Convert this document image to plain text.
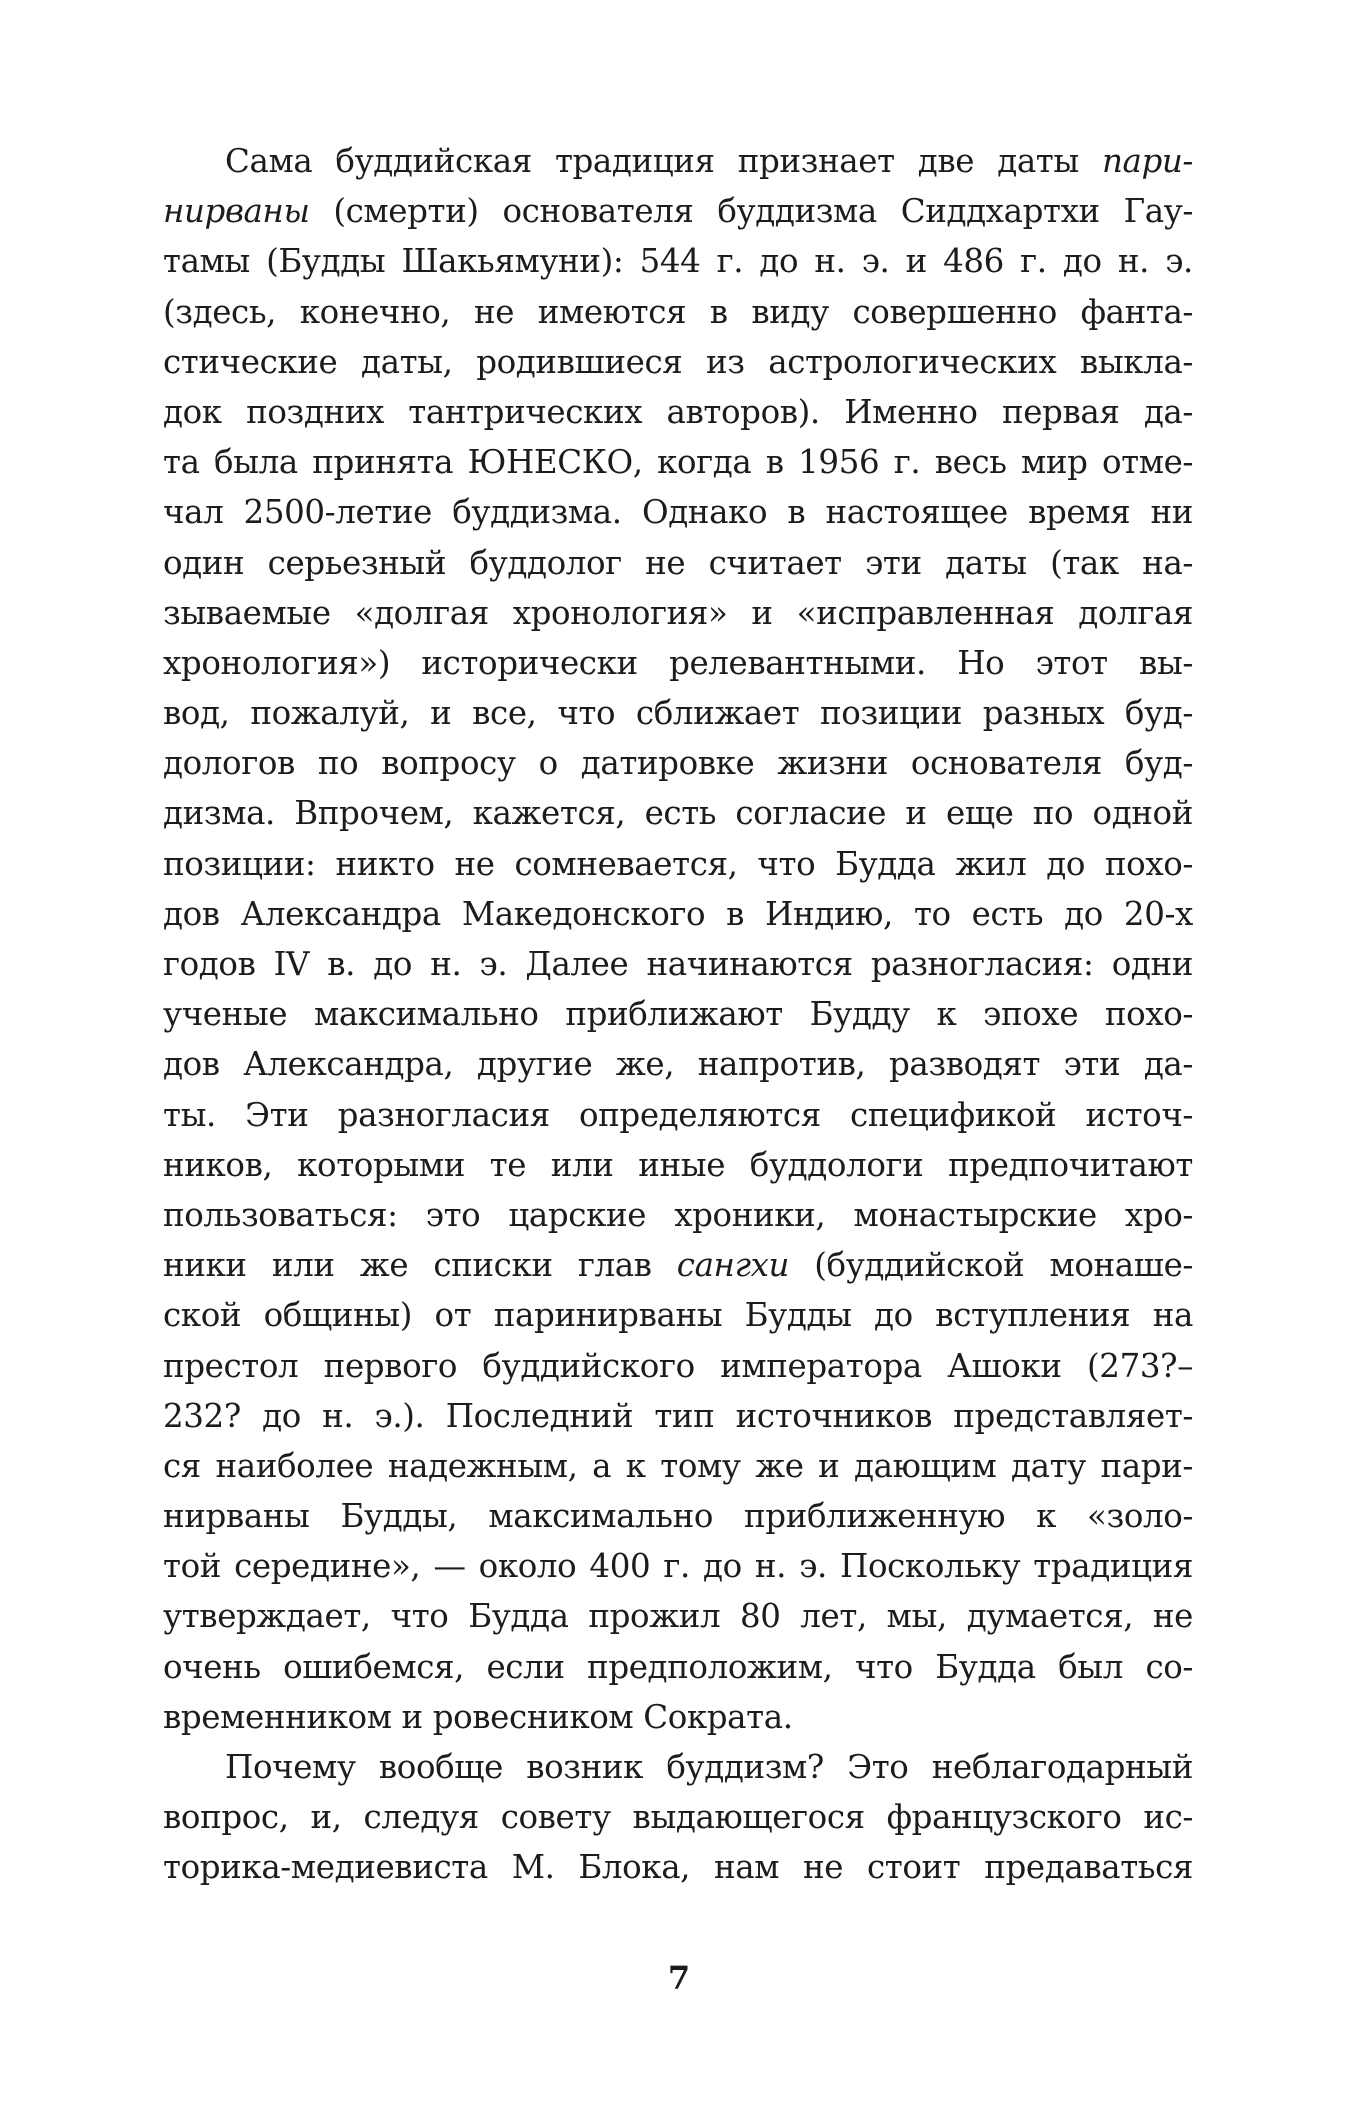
Сама буддийская традиция признает две даты пари-
нирваны (смерти) основателя буддизма Сиддхартхи Гау-
тамы (Будды Шакьямуни): 544 г. до н. э. и 486 г. до н. э.
(здесь, конечно, не имеются в виду совершенно фанта-
стические даты, родившиеся из астрологических выкла-
док поздних тантрических авторов). Именно первая да-
та была принята ЮНЕСКО, когда в 1956 г. весь мир отме-
чал 2500-летие буддизма. Однако в настоящее время ни
один серьезный буддолог не считает эти даты (так на-
зываемые «долгая хронология» и «исправленная долгая
хронология») исторически релевантными. Но этот вы-
вод, пожалуй, и все, что сближает позиции разных буд-
дологов по вопросу о датировке жизни основателя буд-
дизма. Впрочем, кажется, есть согласие и еще по одной
позиции: никто не сомневается, что Будда жил до похо-
дов Александра Македонского в Индию, то есть до 20-х
годов IV в. до н. э. Далее начинаются разногласия: одни
ученые максимально приближают Будду к эпохе похо-
дов Александра, другие же, напротив, разводят эти да-
ты. Эти разногласия определяются спецификой источ-
ников, которыми те или иные буддологи предпочитают
пользоваться: это царские хроники, монастырские хро-
ники или же списки глав сангхи (буддийской монаше-
ской общины) от паринирваны Будды до вступления на
престол первого буддийского императора Ашоки (273?–
232? до н. э.). Последний тип источников представляет-
ся наиболее надежным, а к тому же и дающим дату пари-
нирваны Будды, максимально приближенную к «золо-
той середине», — около 400 г. до н. э. Поскольку традиция
утверждает, что Будда прожил 80 лет, мы, думается, не
очень ошибемся, если предположим, что Будда был со-
временником и ровесником Сократа.
Почему вообще возник буддизм? Это неблагодарный
вопрос, и, следуя совету выдающегося французского ис-
торика-медиевиста М. Блока, нам не стоит предаваться
7
